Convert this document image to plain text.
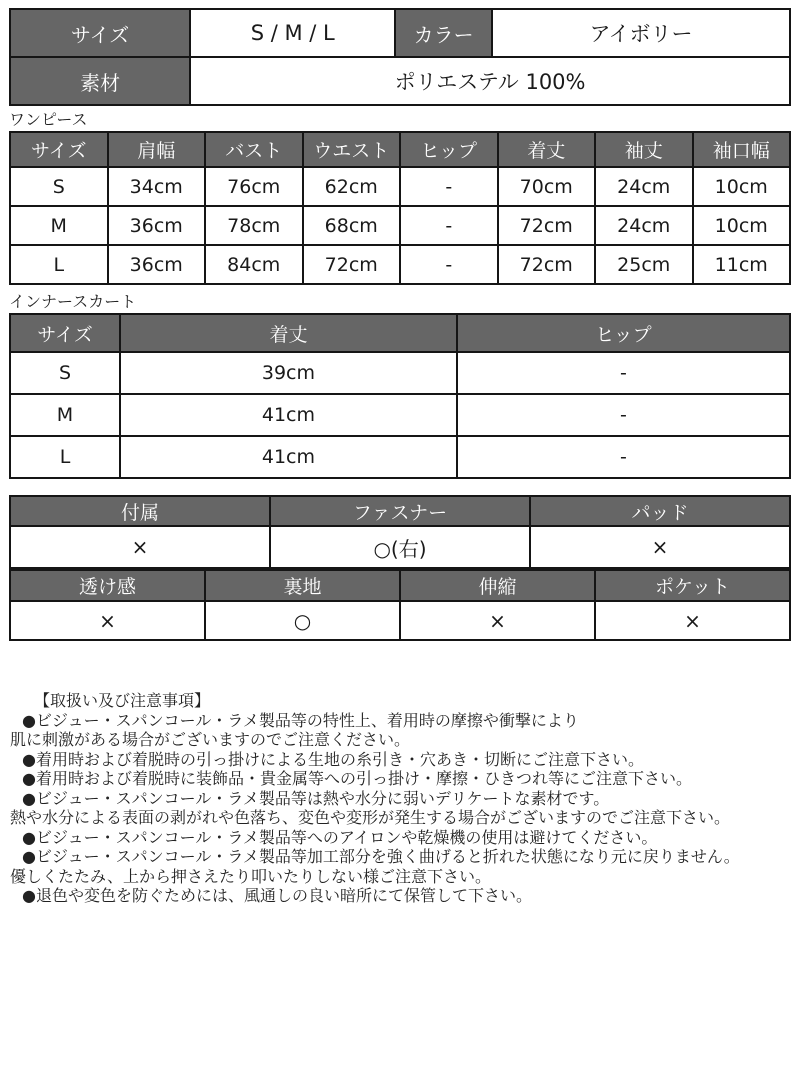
サイズ	S / M / L	カラー	アイボリー
素材	ポリエステル 100%		
ワンピース
サイズ	肩幅	バスト	ウエスト	ヒップ	着丈	袖丈	袖口幅
S	34cm	76cm	62cm	-	70cm	24cm	10cm
M	36cm	78cm	68cm	-	72cm	24cm	10cm
L	36cm	84cm	72cm	-	72cm	25cm	11cm
インナースカート
サイズ	着丈	ヒップ
S	39cm	-
M	41cm	-
L	41cm	-
付属	ファスナー	パッド
×	○(右)	×
透け感	裏地	伸縮	ポケット
×	○	×	×
【取扱い及び注意事項】
●ビジュー・スパンコール・ラメ製品等の特性上、着用時の摩擦や衝撃により
肌に刺激がある場合がございますのでご注意ください。
●着用時および着脱時の引っ掛けによる生地の糸引き・穴あき・切断にご注意下さい。
●着用時および着脱時に装飾品・貴金属等への引っ掛け・摩擦・ひきつれ等にご注意下さい。
●ビジュー・スパンコール・ラメ製品等は熱や水分に弱いデリケートな素材です。
熱や水分による表面の剥がれや色落ち、変色や変形が発生する場合がございますのでご注意下さい。
●ビジュー・スパンコール・ラメ製品等へのアイロンや乾燥機の使用は避けてください。
●ビジュー・スパンコール・ラメ製品等加工部分を強く曲げると折れた状態になり元に戻りません。
優しくたたみ、上から押さえたり叩いたりしない様ご注意下さい。
●退色や変色を防ぐためには、風通しの良い暗所にて保管して下さい。
